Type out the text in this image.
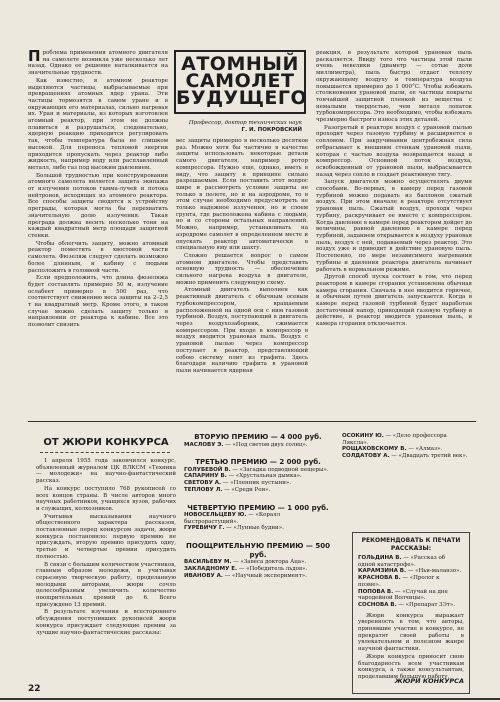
Проблема применения атомного двигателя на самолете возникла уже несколько лет назад. Однако ее решение наталкивается на значительные трудности.

Как известно, в атомном реакторе выделяются частицы, выбрасываемые при превращениях атомных ядер урана. Эти частицы тормозятся в самом уране и в окружающих его материалах, сильно нагревая их. Уран и материалы, из которых изготовлен атомный реактор, при этом не должны плавиться и разрушаться, следовательно, ядерную реакцию приходится регулировать так, чтобы температура была не слишком высокой. Для переноса тепловой энергии приходится пропускать через реактор либо жидкость, например воду или расплавленный металл, либо газ под высоким давлением.

Большой трудностью при конструировании атомного самолета является защита экипажа от излучения потоков гамма-лучей и потока нейтронов, исходящих из атомного реактора. Все способы защиты сводятся к устройству преграды, которая могла бы перехватить значительную долю излучения. Такая преграда должна весить несколько тонн на каждый квадратный метр площади защитной стенки.

Чтобы облегчить защиту, можно атомный реактор поместить в хвостовой части самолета. Фюзеляж следует сделать возможно более длинным, и кабину с людьми расположить в головной части.

Если предположить, что длина фюзеляжа будет составлять примерно 50 м, излучение ослабеет примерно в 500 раз, что соответствует снижению веса защиты на 2–2,5 т на квадратный метр. Кроме этого, в таком случае можно сделать защиту только в направлении от реактора к кабине. Все это позволит снизить

АТОМНЫЙ САМОЛЕТ БУДУЩЕГО
Профессор, доктор технических наук
Г. И. ПОКРОВСКИЙ

вес защиты примерно в несколько десятков раз. Можно хотя бы частично в качестве защиты использовать некоторые детали самого двигателя, например ротор компрессора. Нужно еще, однако, иметь в виду, что защиту в принципе сильно разрешаемым. Если поставить этот вопрос шире и рассмотреть условие защиты не только в полете, но и на аэродроме, то в этом случае необходимо предусмотреть не только надежное излучения, но и слоем грунта, где расположена кабина с людьми, но и со стороны остальных направлений. Можно, например, устанавливать на аэродроме самолет в определенном месте и опускать реактор автоматически в специальную яму или шахту.

Сложно решается вопрос о самом атомном двигателе. Чтобы представить основную трудность — обеспечение сильного нагрева воздуха в двигателе, можно применить следующую схему.

Атомный двигатель выполнен как реактивный двигатель с обычным осевым турбокомпрессором, вращаемым расположенной на одной оси с ним газовой турбиной. Воздух, поступающий в двигатель через воздухозаборник, сжимается компрессором. При входе в компрессор в воздух вводится урановая пыль. Воздух с урановой пылью через компрессор поступает в реактор, представляющий собою систему плит из графита. Здесь благодаря наличию графита в урановой пыли начинается ядерная

реакция, в результате которой урановая пыль раскаляется. Ввиду того что частицы этой пыли очень невелики (диаметр — сотые доли миллиметра), пыль быстро отдает теплоту окружающему воздуху и температура воздуха повышается примерно до 1 000°С. Чтобы избежать столкновения урановой пыли, ее частицы покрыты тончайшей защитной пленкой из вещества с немалыми твердостью, чем металл лопаток турбокомпрессора. Это необходимо, чтобы избежать чрезмерно быстрого износа этих деталей.

Разогретый в реакторе воздух с урановой пылью проходит через газовую турбину и расширяется в сопловом. При закручивании центробежная сила отбрасывает к внешним стенкам урановой пыли, которая с частью воздуха возвращается назад в компрессор. Основной поток воздуха, освобожденный от урановой пыли, выбрасывается назад через сопло и создает реактивную тягу.

Запуск двигателя можно осуществлять двумя способами. Во-первых, в камеру перед газовой турбиной можно подавать из баллонов сжатый воздух. При этом вначале в реакторе отсутствует урановая пыль. Сжатый воздух, проходя через турбину, раскручивает ее вместе с компрессором. Когда давление в камере перед реактором дойдет до величины, равной давлению в камере перед турбиной, заданием открывается к воздуху урановая пыль, воздух с ней, подаваемый через реактор. Это воздух уже и приводит в действие урановую пыль. Постепенно, по мере независимого нагревания турбины и давления реактора двигатель начинает работать в нормальном режиме.

Другой способ пуска состоит в том, что перед реактором в камере сгорания установлена обычная камера сгорания. Сначала в нее вводится горючее, и обычным путем двигатель запускается. Когда в камере перед газовой турбиной будет наработан достаточный напор, приводящий газовую турбину в действие, в реактор вводится урановая пыль, и камера сгорания отключается.

ОТ ЖЮРИ КОНКУРСА

1 апреля 1955 года закончился конкурс, объявленный журналом ЦК ВЛКСМ «Техника — молодежи» на научно-фантастический рассказ.

На конкурс поступило 768 рукописей со всех концов страны. В числе авторов много научных работников, учащихся вузов, рабочих и служащих, колхозников.

Учитывая высказывания научного общественного характера рассказов, поставленные перед конкурсом задачи, жюри конкурса постановило: первую премию не присуждать, вторую премию присудить одну, третью и четвертые премии присудить полностью.

В связи с большим количеством участников, главным образом молодежи, и учитывая серьезную творческую работу, проделанную молодыми авторами, жюри сочло целесообразным увеличить количество поощрительных премий до 6. Всего присуждено 13 премий.

В результате изучения и всестороннего обсуждения поступивших рукописей жюри конкурса присуждает следующие премии за лучшие научно-фантастические рассказы:

ВТОРУЮ ПРЕМИЮ — 4 000 руб.
МАСЛОВУ Э. — «Под светом двух солнц».
ТРЕТЬЮ ПРЕМИЮ — 2 000 руб.
ГОЛУБЕВОЙ В. — «Загадка подводной пещеры».
САПАРИНУ В. — «Хрустальная дымка».
СВЕТОВУ А. — «Пленник пустыни».
ТЕПЛОВУ Л. — «Среди Реи».
ЧЕТВЕРТУЮ ПРЕМИЮ — 1 000 руб.
НОВОСЕЛЬЦЕВУ Ю. — «Коралл быстрорастущий».
ГУРЕВИЧУ Г. — «Лунные будни».
ПООЩРИТЕЛЬНУЮ ПРЕМИЮ — 500 руб.
ВАСИЛЬЕВУ М. — «Завеса доктора Аца».
ЗАКЛАДНОМУ Е. — «Победитель льдов».
ИВАНОВУ А. — «Научный эксперимент».
ОСОКИНУ Ю. — «Дело профессора Ляксла».
РОЩАХОВСКОМУ В. — «Алмаз».
СОЛДАТОВУ А. — «Двадцать третий век».
РЕКОМЕНДОВАТЬ К ПЕЧАТИ РАССКАЗЫ:
ГОЛЬДИНА В. — «Рассказ об одной катастрофе».
КАРАМЗИНА В. — «Ньи-маланзо».
КРАСНОВА В. — «Пролог к поэме».
ПОПОВА В. — «Случай на дне чародейной Волчицы».
СОСНОВА В. — «Препарат 3Эт».

Жюри конкурса выражает уверенность в том, что авторы, принявшие участие в конкурсе, не прекратят своей работы в увлекательном и полезном жанре научной фантастики.

Жюри конкурса приносит свою благодарность всем участникам конкурса, а также консультантам, проделавшим большую работу.

ЖЮРИ КОНКУРСА
22
